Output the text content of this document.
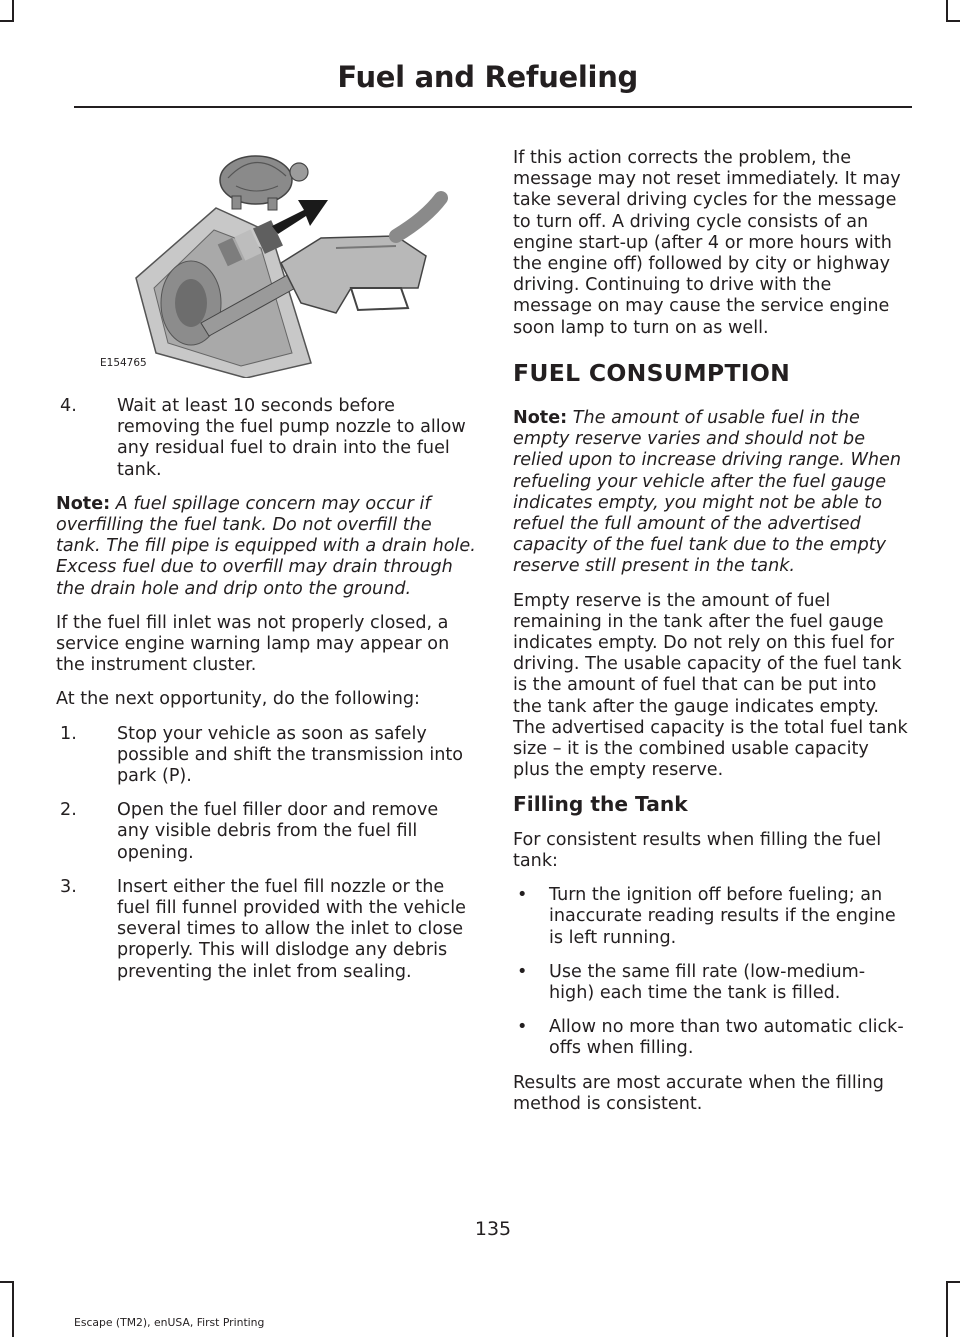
Fuel and Refueling
E154765
4. Wait at least 10 seconds before removing the fuel pump nozzle to allow any residual fuel to drain into the fuel tank.

Note: A fuel spillage concern may occur if overfilling the fuel tank. Do not overfill the tank. The fill pipe is equipped with a drain hole. Excess fuel due to overfill may drain through the drain hole and drip onto the ground.

If the fuel fill inlet was not properly closed, a service engine warning lamp may appear on the instrument cluster.

At the next opportunity, do the following:

1. Stop your vehicle as soon as safely possible and shift the transmission into park (P).
2. Open the fuel filler door and remove any visible debris from the fuel fill opening.
3. Insert either the fuel fill nozzle or the fuel fill funnel provided with the vehicle several times to allow the inlet to close properly. This will dislodge any debris preventing the inlet from sealing.

If this action corrects the problem, the message may not reset immediately. It may take several driving cycles for the message to turn off. A driving cycle consists of an engine start-up (after 4 or more hours with the engine off) followed by city or highway driving. Continuing to drive with the message on may cause the service engine soon lamp to turn on as well.

FUEL CONSUMPTION

Note: The amount of usable fuel in the empty reserve varies and should not be relied upon to increase driving range. When refueling your vehicle after the fuel gauge indicates empty, you might not be able to refuel the full amount of the advertised capacity of the fuel tank due to the empty reserve still present in the tank.

Empty reserve is the amount of fuel remaining in the tank after the fuel gauge indicates empty. Do not rely on this fuel for driving. The usable capacity of the fuel tank is the amount of fuel that can be put into the tank after the gauge indicates empty. The advertised capacity is the total fuel tank size – it is the combined usable capacity plus the empty reserve.

Filling the Tank

For consistent results when filling the fuel tank:

• Turn the ignition off before fueling; an inaccurate reading results if the engine is left running.
• Use the same fill rate (low-medium-high) each time the tank is filled.
• Allow no more than two automatic click-offs when filling.

Results are most accurate when the filling method is consistent.

135
Escape (TM2), enUSA, First Printing
